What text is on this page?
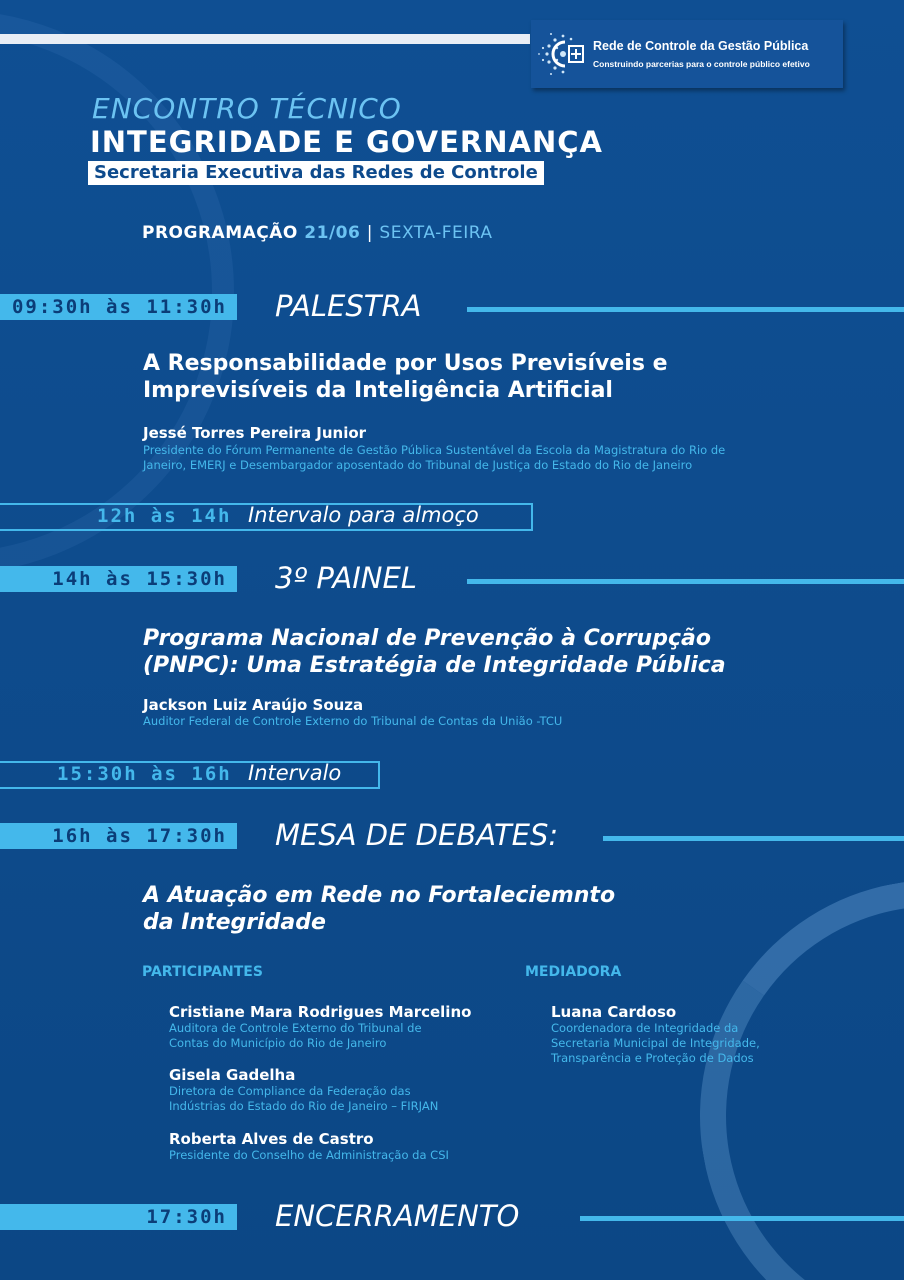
Rede de Controle da Gestão Pública
Construindo parcerias para o controle público efetivo
ENCONTRO TÉCNICO
INTEGRIDADE E GOVERNANÇA
Secretaria Executiva das Redes de Controle
PROGRAMAÇÃO 21/06 | SEXTA-FEIRA
09:30h às 11:30h	PALESTRA
A Responsabilidade por Usos Previsíveis e
Imprevisíveis da Inteligência Artificial
Jessé Torres Pereira Junior
Presidente do Fórum Permanente de Gestão Pública Sustentável da Escola da Magistratura do Rio de
Janeiro, EMERJ e Desembargador aposentado do Tribunal de Justiça do Estado do Rio de Janeiro
12h às 14h Intervalo para almoço
14h às 15:30h	3º PAINEL
Programa Nacional de Prevenção à Corrupção
(PNPC): Uma Estratégia de Integridade Pública
Jackson Luiz Araújo Souza
Auditor Federal de Controle Externo do Tribunal de Contas da União -TCU
15:30h às 16h Intervalo
16h às 17:30h	MESA DE DEBATES:
A Atuação em Rede no Fortaleciemnto
da Integridade
PARTICIPANTES	MEDIADORA
Cristiane Mara Rodrigues Marcelino
Auditora de Controle Externo do Tribunal de
Contas do Município do Rio de Janeiro
Gisela Gadelha
Diretora de Compliance da Federação das
Indústrias do Estado do Rio de Janeiro – FIRJAN
Roberta Alves de Castro
Presidente do Conselho de Administração da CSI
Luana Cardoso
Coordenadora de Integridade da
Secretaria Municipal de Integridade,
Transparência e Proteção de Dados
17:30h	ENCERRAMENTO
